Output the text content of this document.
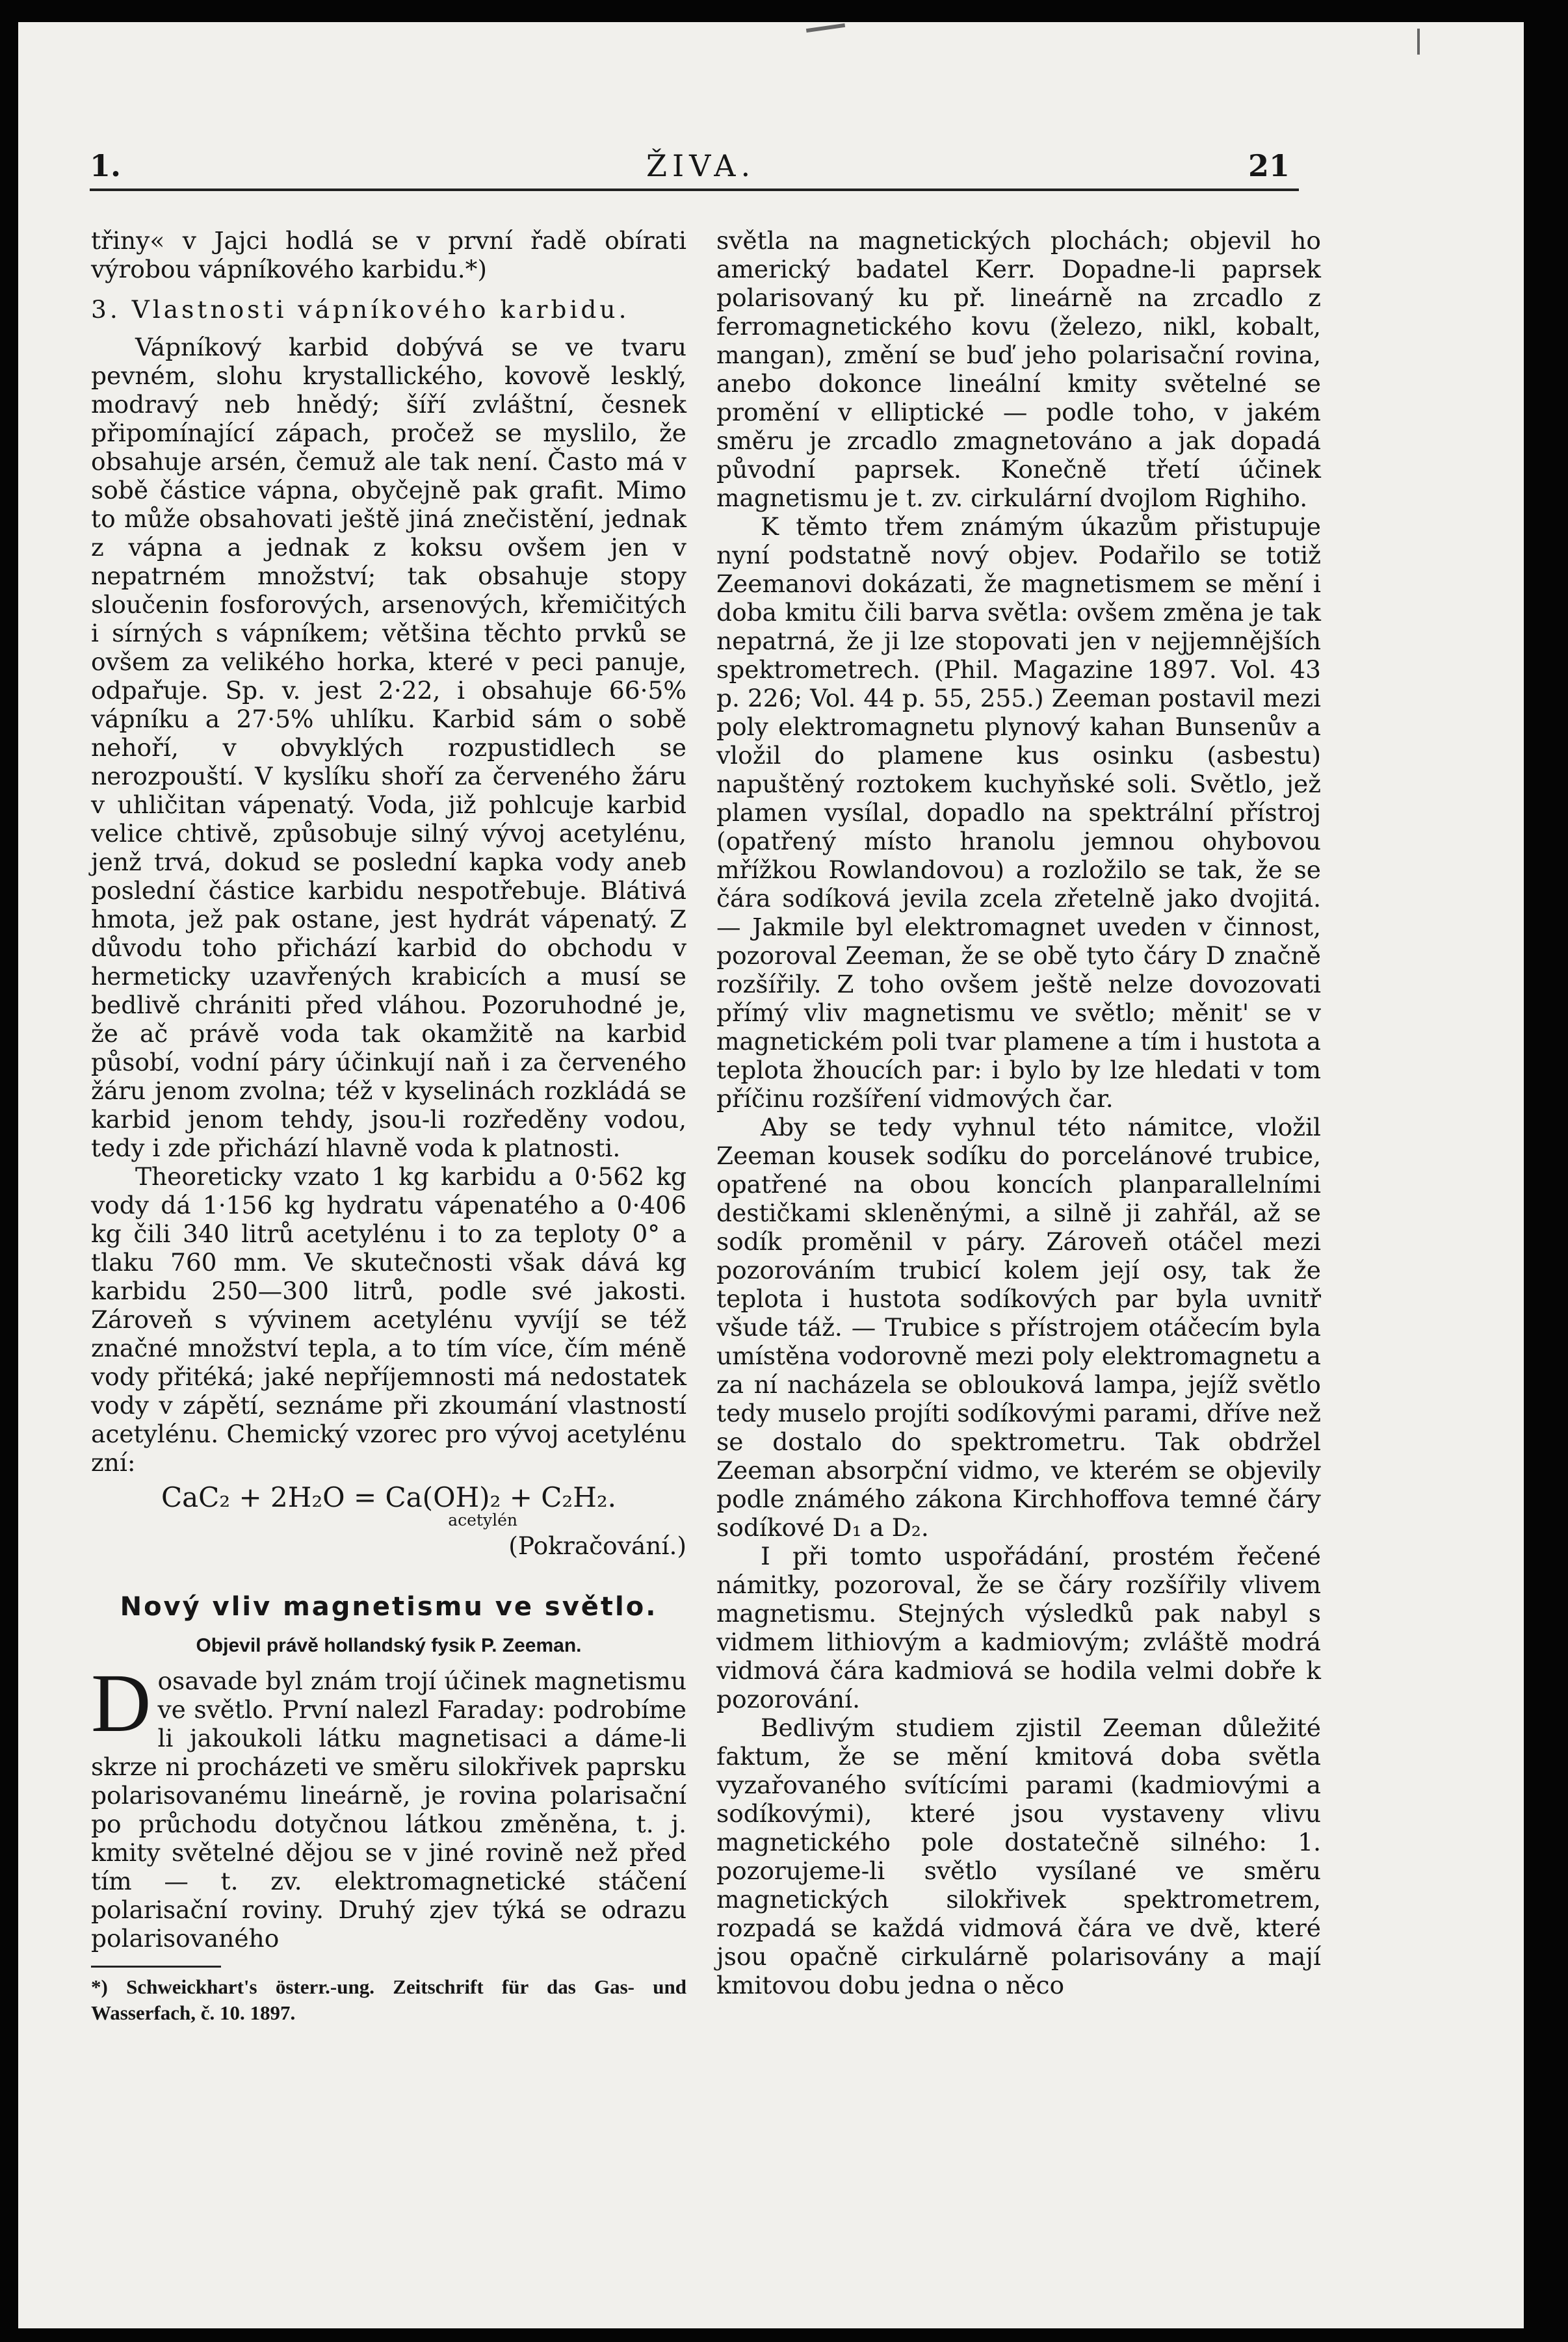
1.	ŽIVA.	21

třiny« v Jajci hodlá se v první řadě obírati výrobou vápníkového karbidu.*)

3. Vlastnosti vápníkového karbidu.

Vápníkový karbid dobývá se ve tvaru pevném, slohu krystallického, kovově lesklý, modravý neb hnědý; šíří zvláštní, česnek připomínající zápach, pročež se myslilo, že obsahuje arsén, čemuž ale tak není. Často má v sobě částice vápna, obyčejně pak grafit. Mimo to může obsahovati ještě jiná znečistění, jednak z vápna a jednak z koksu ovšem jen v nepatrném množství; tak obsahuje stopy sloučenin fosforových, arsenových, křemičitých i sírných s vápníkem; většina těchto prvků se ovšem za velikého horka, které v peci panuje, odpařuje. Sp. v. jest 2·22, i obsahuje 66·5% vápníku a 27·5% uhlíku. Karbid sám o sobě nehoří, v obvyklých rozpustidlech se nerozpouští. V kyslíku shoří za červeného žáru v uhličitan vápenatý. Voda, již pohlcuje karbid velice chtivě, způsobuje silný vývoj acetylénu, jenž trvá, dokud se poslední kapka vody aneb poslední částice karbidu nespotřebuje. Blátivá hmota, jež pak ostane, jest hydrát vápenatý. Z důvodu toho přichází karbid do obchodu v hermeticky uzavřených krabicích a musí se bedlivě chrániti před vláhou. Pozoruhodné je, že ač právě voda tak okamžitě na karbid působí, vodní páry účinkují naň i za červeného žáru jenom zvolna; též v kyselinách rozkládá se karbid jenom tehdy, jsou-li rozředěny vodou, tedy i zde přichází hlavně voda k platnosti.

Theoreticky vzato 1 kg karbidu a 0·562 kg vody dá 1·156 kg hydratu vápenatého a 0·406 kg čili 340 litrů acetylénu i to za teploty 0° a tlaku 760 mm. Ve skutečnosti však dává kg karbidu 250—300 litrů, podle své jakosti. Zároveň s vývinem acetylénu vyvíjí se též značné množství tepla, a to tím více, čím méně vody přitéká; jaké nepříjemnosti má nedostatek vody v zápětí, seznáme při zkoumání vlastností acetylénu. Chemický vzorec pro vývoj acetylénu zní:

CaC₂ + 2H₂O = Ca(OH)₂ + C₂H₂.

acetylén

(Pokračování.)

Nový vliv magnetismu ve světlo.

Objevil právě hollandský fysik P. Zeeman.

Dosavade byl znám trojí účinek magnetismu ve světlo. První nalezl Faraday: podrobíme li jakoukoli látku magnetisaci a dáme-li skrze ni procházeti ve směru silokřivek paprsku polarisovanému lineárně, je rovina polarisační po průchodu dotyčnou látkou změněna, t. j. kmity světelné dějou se v jiné rovině než před tím — t. zv. elektromagnetické stáčení polarisační roviny. Druhý zjev týká se odrazu polarisovaného

*) Schweickhart's österr.-ung. Zeitschrift für das Gas- und Wasserfach, č. 10. 1897.

světla na magnetických plochách; objevil ho americký badatel Kerr. Dopadne-li paprsek polarisovaný ku př. lineárně na zrcadlo z ferromagnetického kovu (železo, nikl, kobalt, mangan), změní se buď jeho polarisační rovina, anebo dokonce lineální kmity světelné se promění v elliptické — podle toho, v jakém směru je zrcadlo zmagnetováno a jak dopadá původní paprsek. Konečně třetí účinek magnetismu je t. zv. cirkulární dvojlom Righiho.

K těmto třem známým úkazům přistupuje nyní podstatně nový objev. Podařilo se totiž Zeemanovi dokázati, že magnetismem se mění i doba kmitu čili barva světla: ovšem změna je tak nepatrná, že ji lze stopovati jen v nejjemnějších spektrometrech. (Phil. Magazine 1897. Vol. 43 p. 226; Vol. 44 p. 55, 255.) Zeeman postavil mezi poly elektromagnetu plynový kahan Bunsenův a vložil do plamene kus osinku (asbestu) napuštěný roztokem kuchyňské soli. Světlo, jež plamen vysílal, dopadlo na spektrální přístroj (opatřený místo hranolu jemnou ohybovou mřížkou Rowlandovou) a rozložilo se tak, že se čára sodíková jevila zcela zřetelně jako dvojitá. — Jakmile byl elektromagnet uveden v činnost, pozoroval Zeeman, že se obě tyto čáry D značně rozšířily. Z toho ovšem ještě nelze dovozovati přímý vliv magnetismu ve světlo; měnit' se v magnetickém poli tvar plamene a tím i hustota a teplota žhoucích par: i bylo by lze hledati v tom příčinu rozšíření vidmových čar.

Aby se tedy vyhnul této námitce, vložil Zeeman kousek sodíku do porcelánové trubice, opatřené na obou koncích planparallelními destičkami skleněnými, a silně ji zahřál, až se sodík proměnil v páry. Zároveň otáčel mezi pozorováním trubicí kolem její osy, tak že teplota i hustota sodíkových par byla uvnitř všude táž. — Trubice s přístrojem otáčecím byla umístěna vodorovně mezi poly elektromagnetu a za ní nacházela se oblouková lampa, jejíž světlo tedy muselo projíti sodíkovými parami, dříve než se dostalo do spektrometru. Tak obdržel Zeeman absorpční vidmo, ve kterém se objevily podle známého zákona Kirchhoffova temné čáry sodíkové D₁ a D₂.

I při tomto uspořádání, prostém řečené námitky, pozoroval, že se čáry rozšířily vlivem magnetismu. Stejných výsledků pak nabyl s vidmem lithiovým a kadmiovým; zvláště modrá vidmová čára kadmiová se hodila velmi dobře k pozorování.

Bedlivým studiem zjistil Zeeman důležité faktum, že se mění kmitová doba světla vyzařovaného svítícími parami (kadmiovými a sodíkovými), které jsou vystaveny vlivu magnetického pole dostatečně silného: 1. pozorujeme-li světlo vysílané ve směru magnetických silokřivek spektrometrem, rozpadá se každá vidmová čára ve dvě, které jsou opačně cirkulárně polarisovány a mají kmitovou dobu jedna o něco
